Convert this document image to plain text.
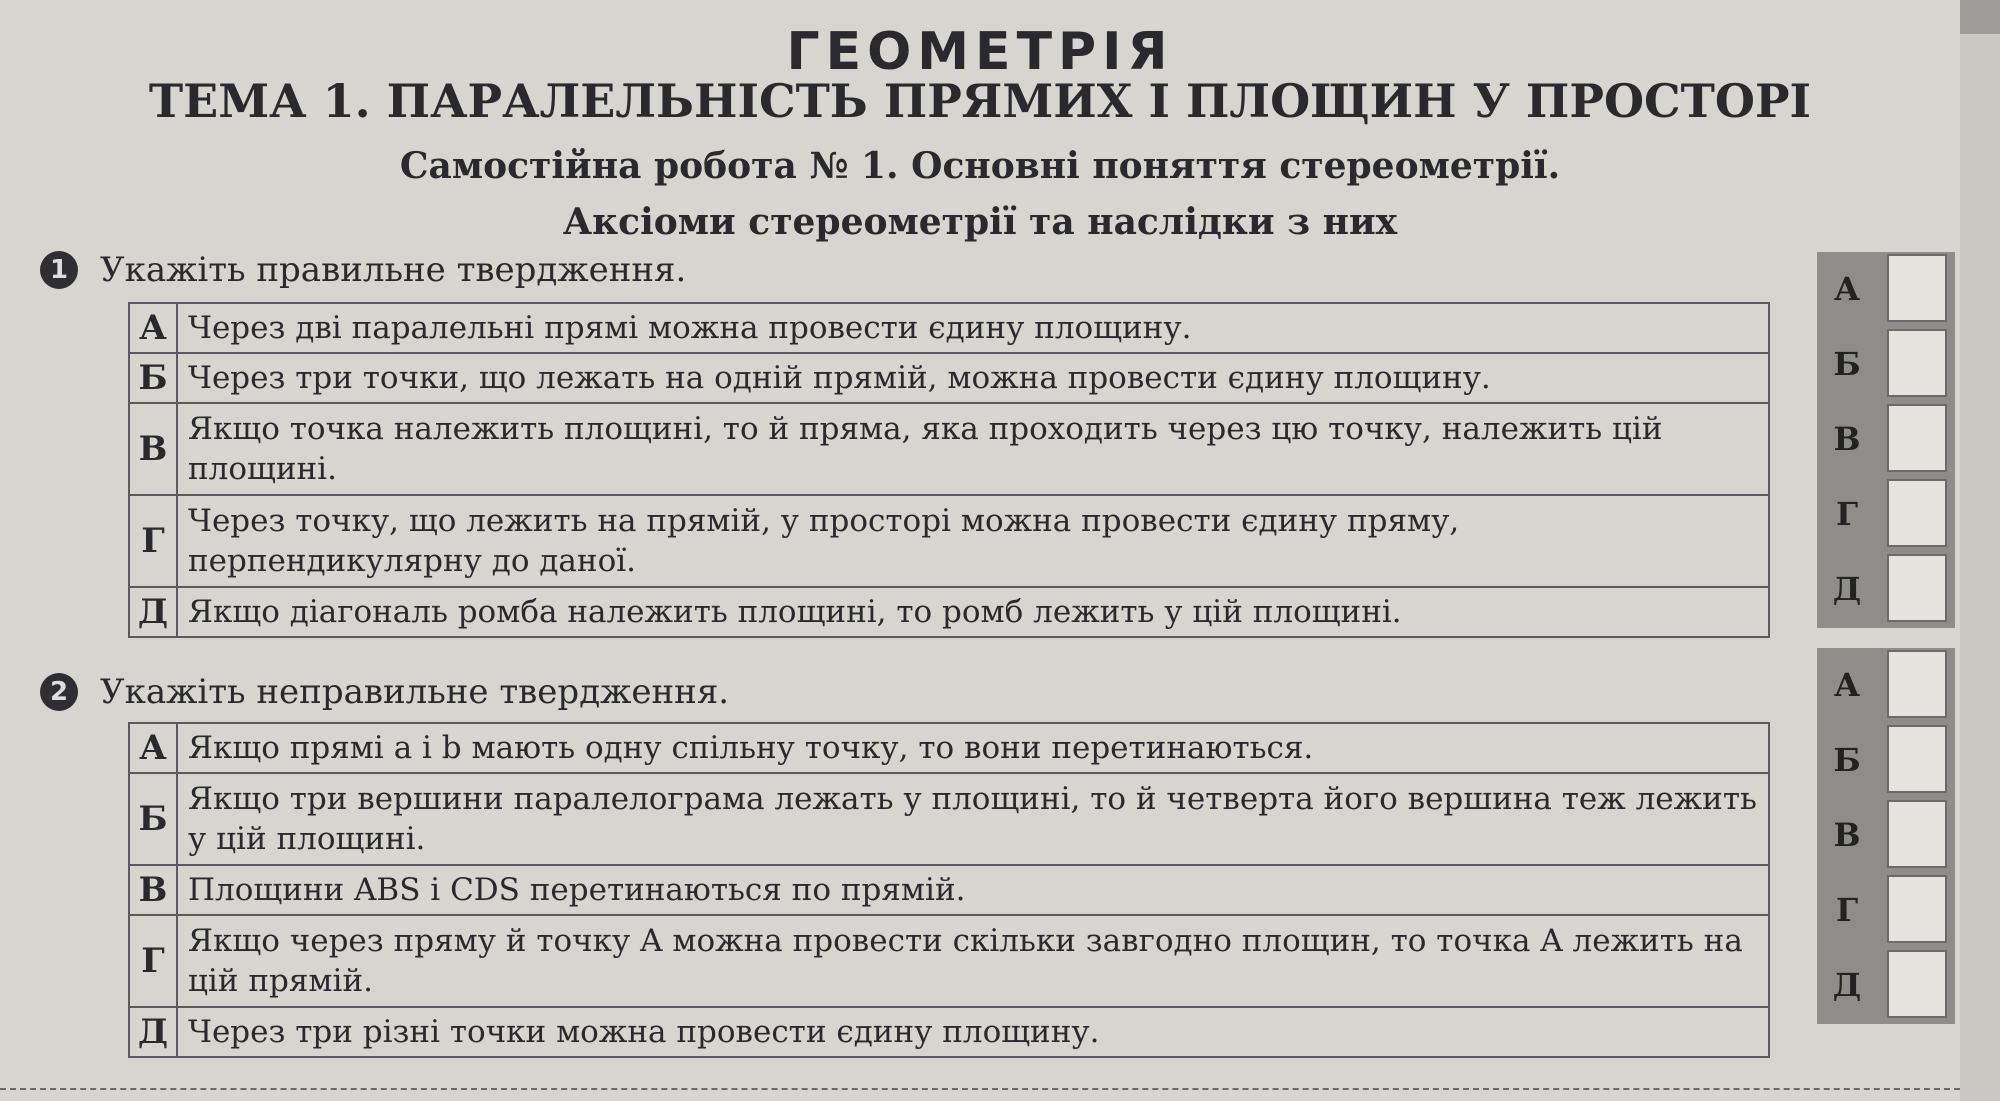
ГЕОМЕТРІЯ
ТЕМА 1. ПАРАЛЕЛЬНІСТЬ ПРЯМИХ І ПЛОЩИН У ПРОСТОРІ
Самостійна робота № 1. Основні поняття стереометрії.
Аксіоми стереометрії та наслідки з них
1 Укажіть правильне твердження.
А	Через дві паралельні прямі можна провести єдину площину.
Б	Через три точки, що лежать на одній прямій, можна провести єдину площину.
В	Якщо точка належить площині, то й пряма, яка проходить через цю точку, належить цій площині.
Г	Через точку, що лежить на прямій, у просторі можна провести єдину пряму, перпендикулярну до даної.
Д	Якщо діагональ ромба належить площині, то ромб лежить у цій площині.
А
Б
В
Г
Д
2 Укажіть неправильне твердження.
А	Якщо прямі a і b мають одну спільну точку, то вони перетинаються.
Б	Якщо три вершини паралелограма лежать у площині, то й четверта його вершина теж лежить у цій площині.
В	Площини ABS і CDS перетинаються по прямій.
Г	Якщо через пряму й точку A можна провести скільки завгодно площин, то точка A лежить на цій прямій.
Д	Через три різні точки можна провести єдину площину.
А
Б
В
Г
Д
